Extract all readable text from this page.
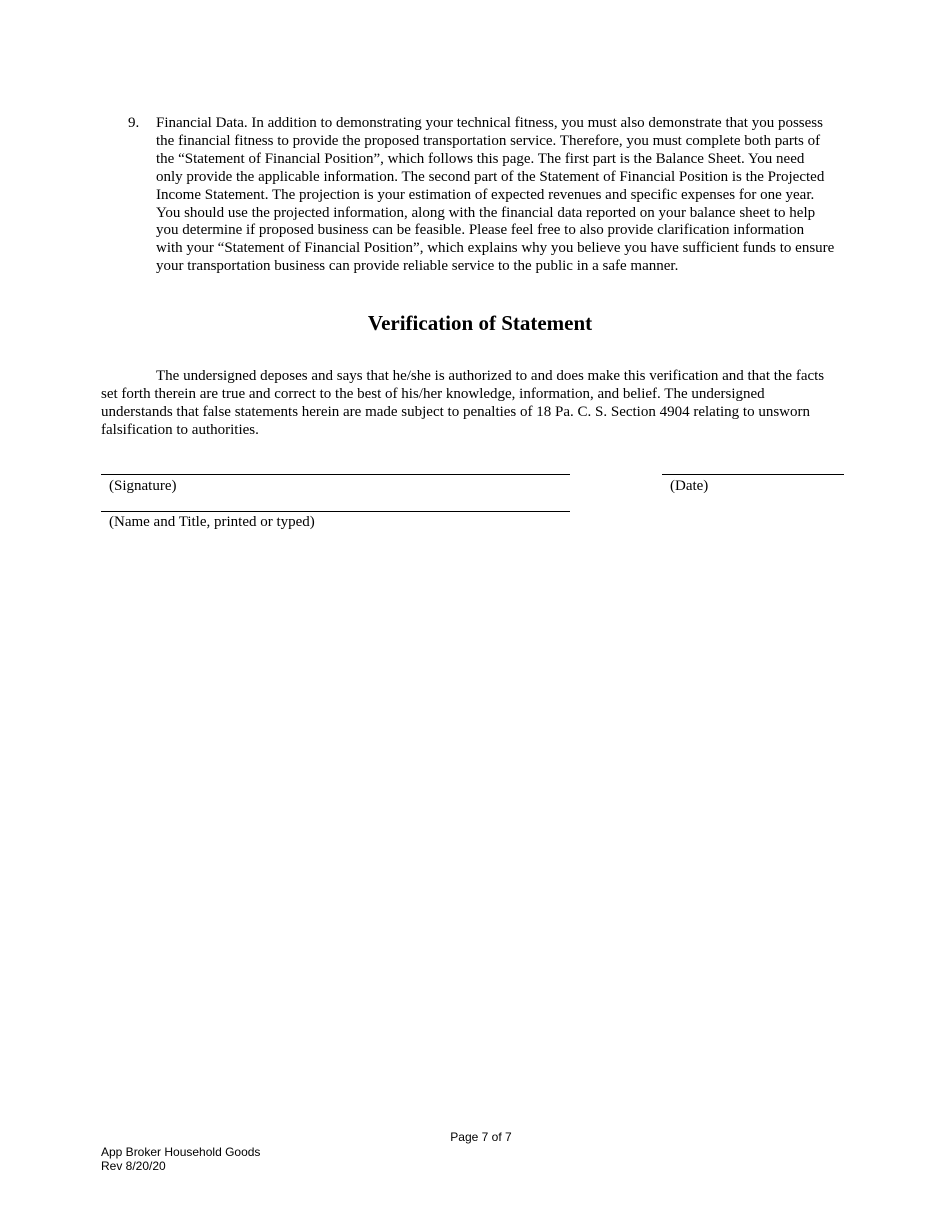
9. Financial Data. In addition to demonstrating your technical fitness, you must also demonstrate that you possess
the financial fitness to provide the proposed transportation service. Therefore, you must complete both parts of
the “Statement of Financial Position”, which follows this page. The first part is the Balance Sheet. You need
only provide the applicable information. The second part of the Statement of Financial Position is the Projected
Income Statement. The projection is your estimation of expected revenues and specific expenses for one year.
You should use the projected information, along with the financial data reported on your balance sheet to help
you determine if proposed business can be feasible. Please feel free to also provide clarification information
with your “Statement of Financial Position”, which explains why you believe you have sufficient funds to ensure
your transportation business can provide reliable service to the public in a safe manner.
Verification of Statement
The undersigned deposes and says that he/she is authorized to and does make this verification and that the facts
set forth therein are true and correct to the best of his/her knowledge, information, and belief. The undersigned
understands that false statements herein are made subject to penalties of 18 Pa. C. S. Section 4904 relating to unsworn
falsification to authorities.
(Signature)	(Date)
(Name and Title, printed or typed)
Page 7 of 7
App Broker Household Goods
Rev 8/20/20
